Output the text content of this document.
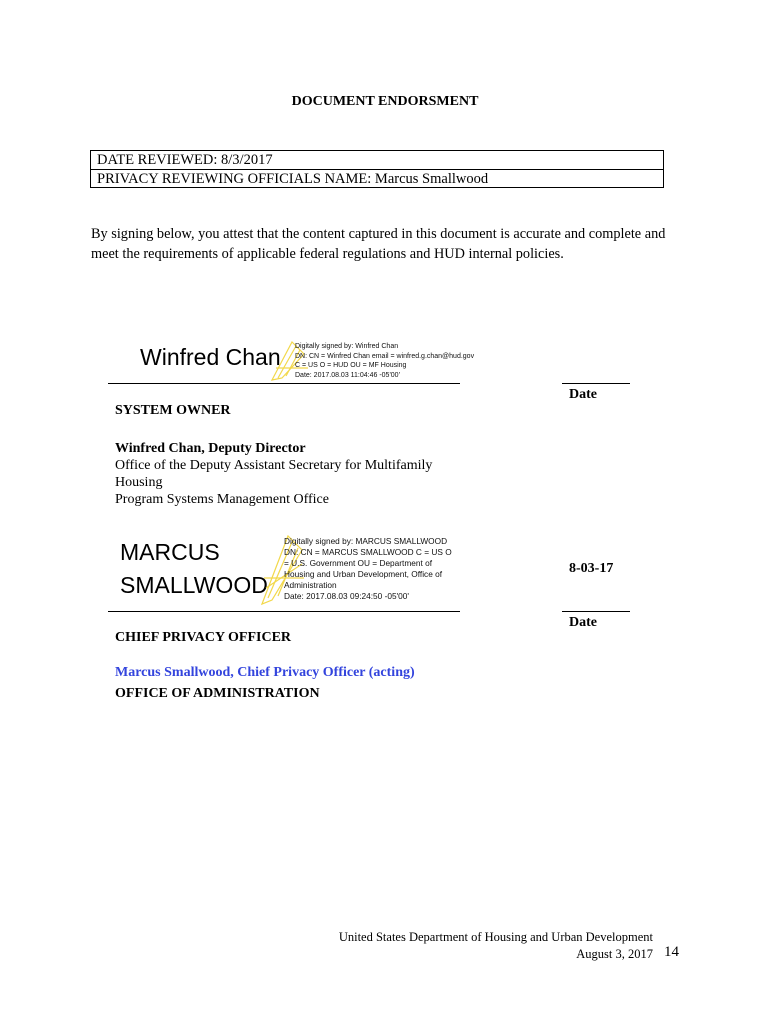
DOCUMENT ENDORSMENT
DATE REVIEWED: 8/3/2017
PRIVACY REVIEWING OFFICIALS NAME: Marcus Smallwood
By signing below, you attest that the content captured in this document is accurate and complete and meet the requirements of applicable federal regulations and HUD internal policies.
Winfred Chan Digitally signed by: Winfred Chan
DN: CN = Winfred Chan email = winfred.g.chan@hud.gov
C = US O = HUD OU = MF Housing
Date: 2017.08.03 11:04:46 -05'00'
Date
SYSTEM OWNER
Winfred Chan, Deputy Director
Office of the Deputy Assistant Secretary for Multifamily
Housing
Program Systems Management Office
MARCUS
SMALLWOOD
Digitally signed by: MARCUS SMALLWOOD
DN: CN = MARCUS SMALLWOOD C = US O
= U.S. Government OU = Department of
Housing and Urban Development, Office of
Administration
Date: 2017.08.03 09:24:50 -05'00'
8-03-17
Date
CHIEF PRIVACY OFFICER
Marcus Smallwood, Chief Privacy Officer (acting)
OFFICE OF ADMINISTRATION
United States Department of Housing and Urban Development
August 3, 2017 14
